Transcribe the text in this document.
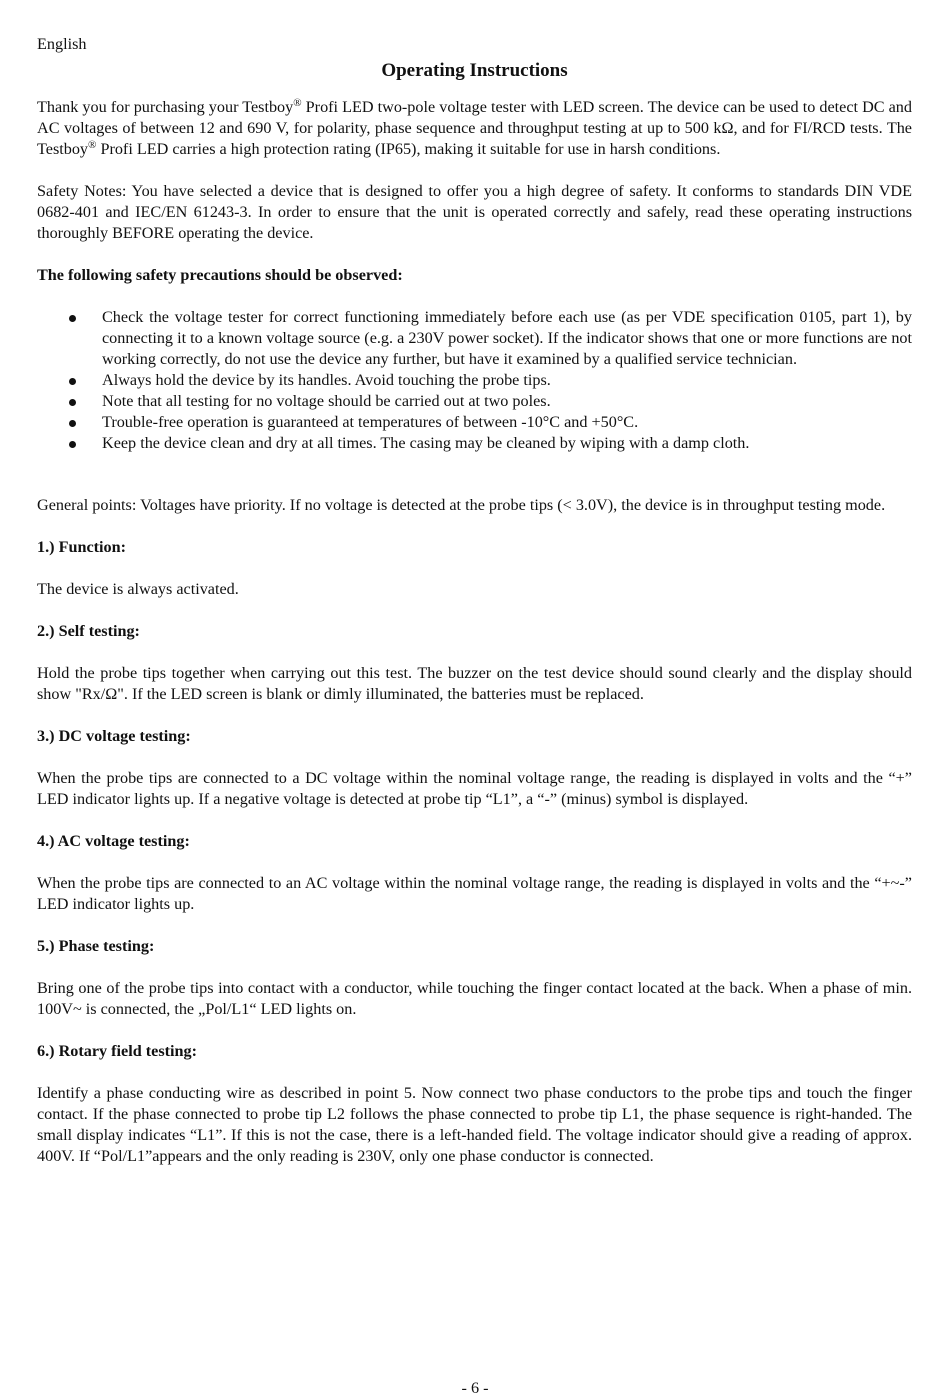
English

Operating Instructions

Thank you for purchasing your Testboy® Profi LED two-pole voltage tester with LED screen. The device can be used to detect DC and AC voltages of between 12 and 690 V, for polarity, phase sequence and throughput testing at up to 500 kΩ, and for FI/RCD tests. The Testboy® Profi LED carries a high protection rating (IP65), making it suitable for use in harsh conditions.

Safety Notes: You have selected a device that is designed to offer you a high degree of safety. It conforms to standards DIN VDE 0682-401 and IEC/EN 61243-3. In order to ensure that the unit is operated correctly and safely, read these operating instructions thoroughly BEFORE operating the device.

The following safety precautions should be observed:

Check the voltage tester for correct functioning immediately before each use (as per VDE specification 0105, part 1), by connecting it to a known voltage source (e.g. a 230V power socket). If the indicator shows that one or more functions are not working correctly, do not use the device any further, but have it examined by a qualified service technician.
Always hold the device by its handles. Avoid touching the probe tips.
Note that all testing for no voltage should be carried out at two poles.
Trouble-free operation is guaranteed at temperatures of between -10°C and +50°C.
Keep the device clean and dry at all times. The casing may be cleaned by wiping with a damp cloth.

General points: Voltages have priority. If no voltage is detected at the probe tips (< 3.0V), the device is in throughput testing mode.

1.) Function:

The device is always activated.

2.) Self testing:

Hold the probe tips together when carrying out this test. The buzzer on the test device should sound clearly and the display should show "Rx/Ω". If the LED screen is blank or dimly illuminated, the batteries must be replaced.

3.) DC voltage testing:

When the probe tips are connected to a DC voltage within the nominal voltage range, the reading is displayed in volts and the “+” LED indicator lights up. If a negative voltage is detected at probe tip “L1”, a “-” (minus) symbol is displayed.

4.) AC voltage testing:

When the probe tips are connected to an AC voltage within the nominal voltage range, the reading is displayed in volts and the “+~-” LED indicator lights up.

5.) Phase testing:

Bring one of the probe tips into contact with a conductor, while touching the finger contact located at the back. When a phase of min. 100V~ is connected, the „Pol/L1“ LED lights on.

6.) Rotary field testing:

Identify a phase conducting wire as described in point 5. Now connect two phase conductors to the probe tips and touch the finger contact. If the phase connected to probe tip L2 follows the phase connected to probe tip L1, the phase sequence is right-handed. The small display indicates “L1”. If this is not the case, there is a left-handed field. The voltage indicator should give a reading of approx. 400V. If “Pol/L1”appears and the only reading is 230V, only one phase conductor is connected.

- 6 -
